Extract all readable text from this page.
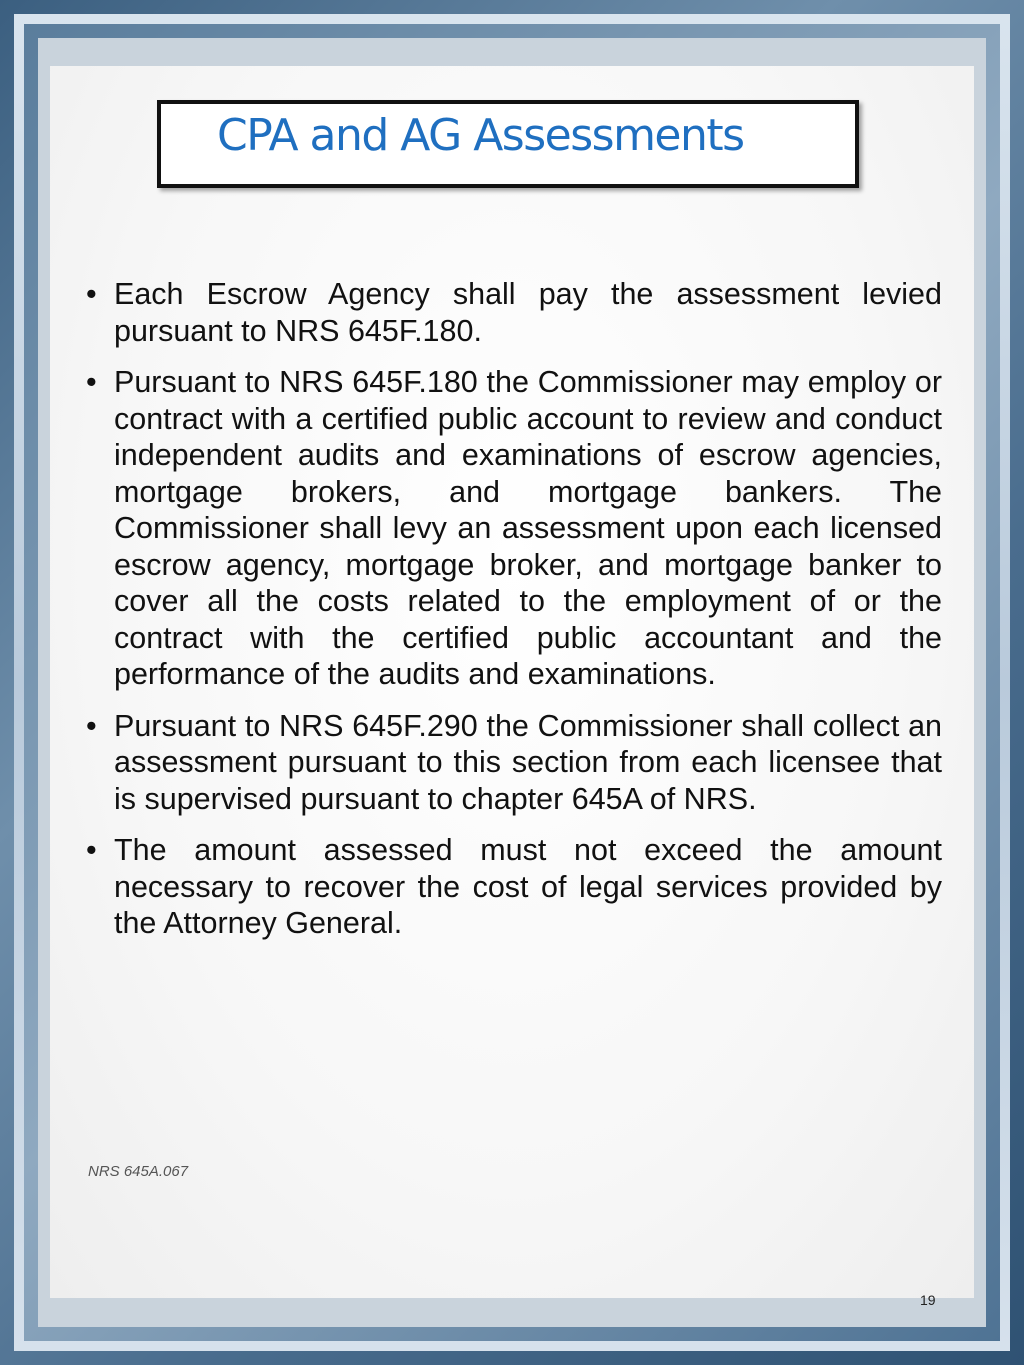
CPA and AG Assessments
• Each Escrow Agency shall pay the assessment levied pursuant to NRS 645F.180.
• Pursuant to NRS 645F.180 the Commissioner may employ or contract with a certified public account to review and conduct independent audits and examinations of escrow agencies, mortgage brokers, and mortgage bankers. The Commissioner shall levy an assessment upon each licensed escrow agency, mortgage broker, and mortgage banker to cover all the costs related to the employment of or the contract with the certified public accountant and the performance of the audits and examinations.
• Pursuant to NRS 645F.290 the Commissioner shall collect an assessment pursuant to this section from each licensee that is supervised pursuant to chapter 645A of NRS.
• The amount assessed must not exceed the amount necessary to recover the cost of legal services provided by the Attorney General.
NRS 645A.067
19
